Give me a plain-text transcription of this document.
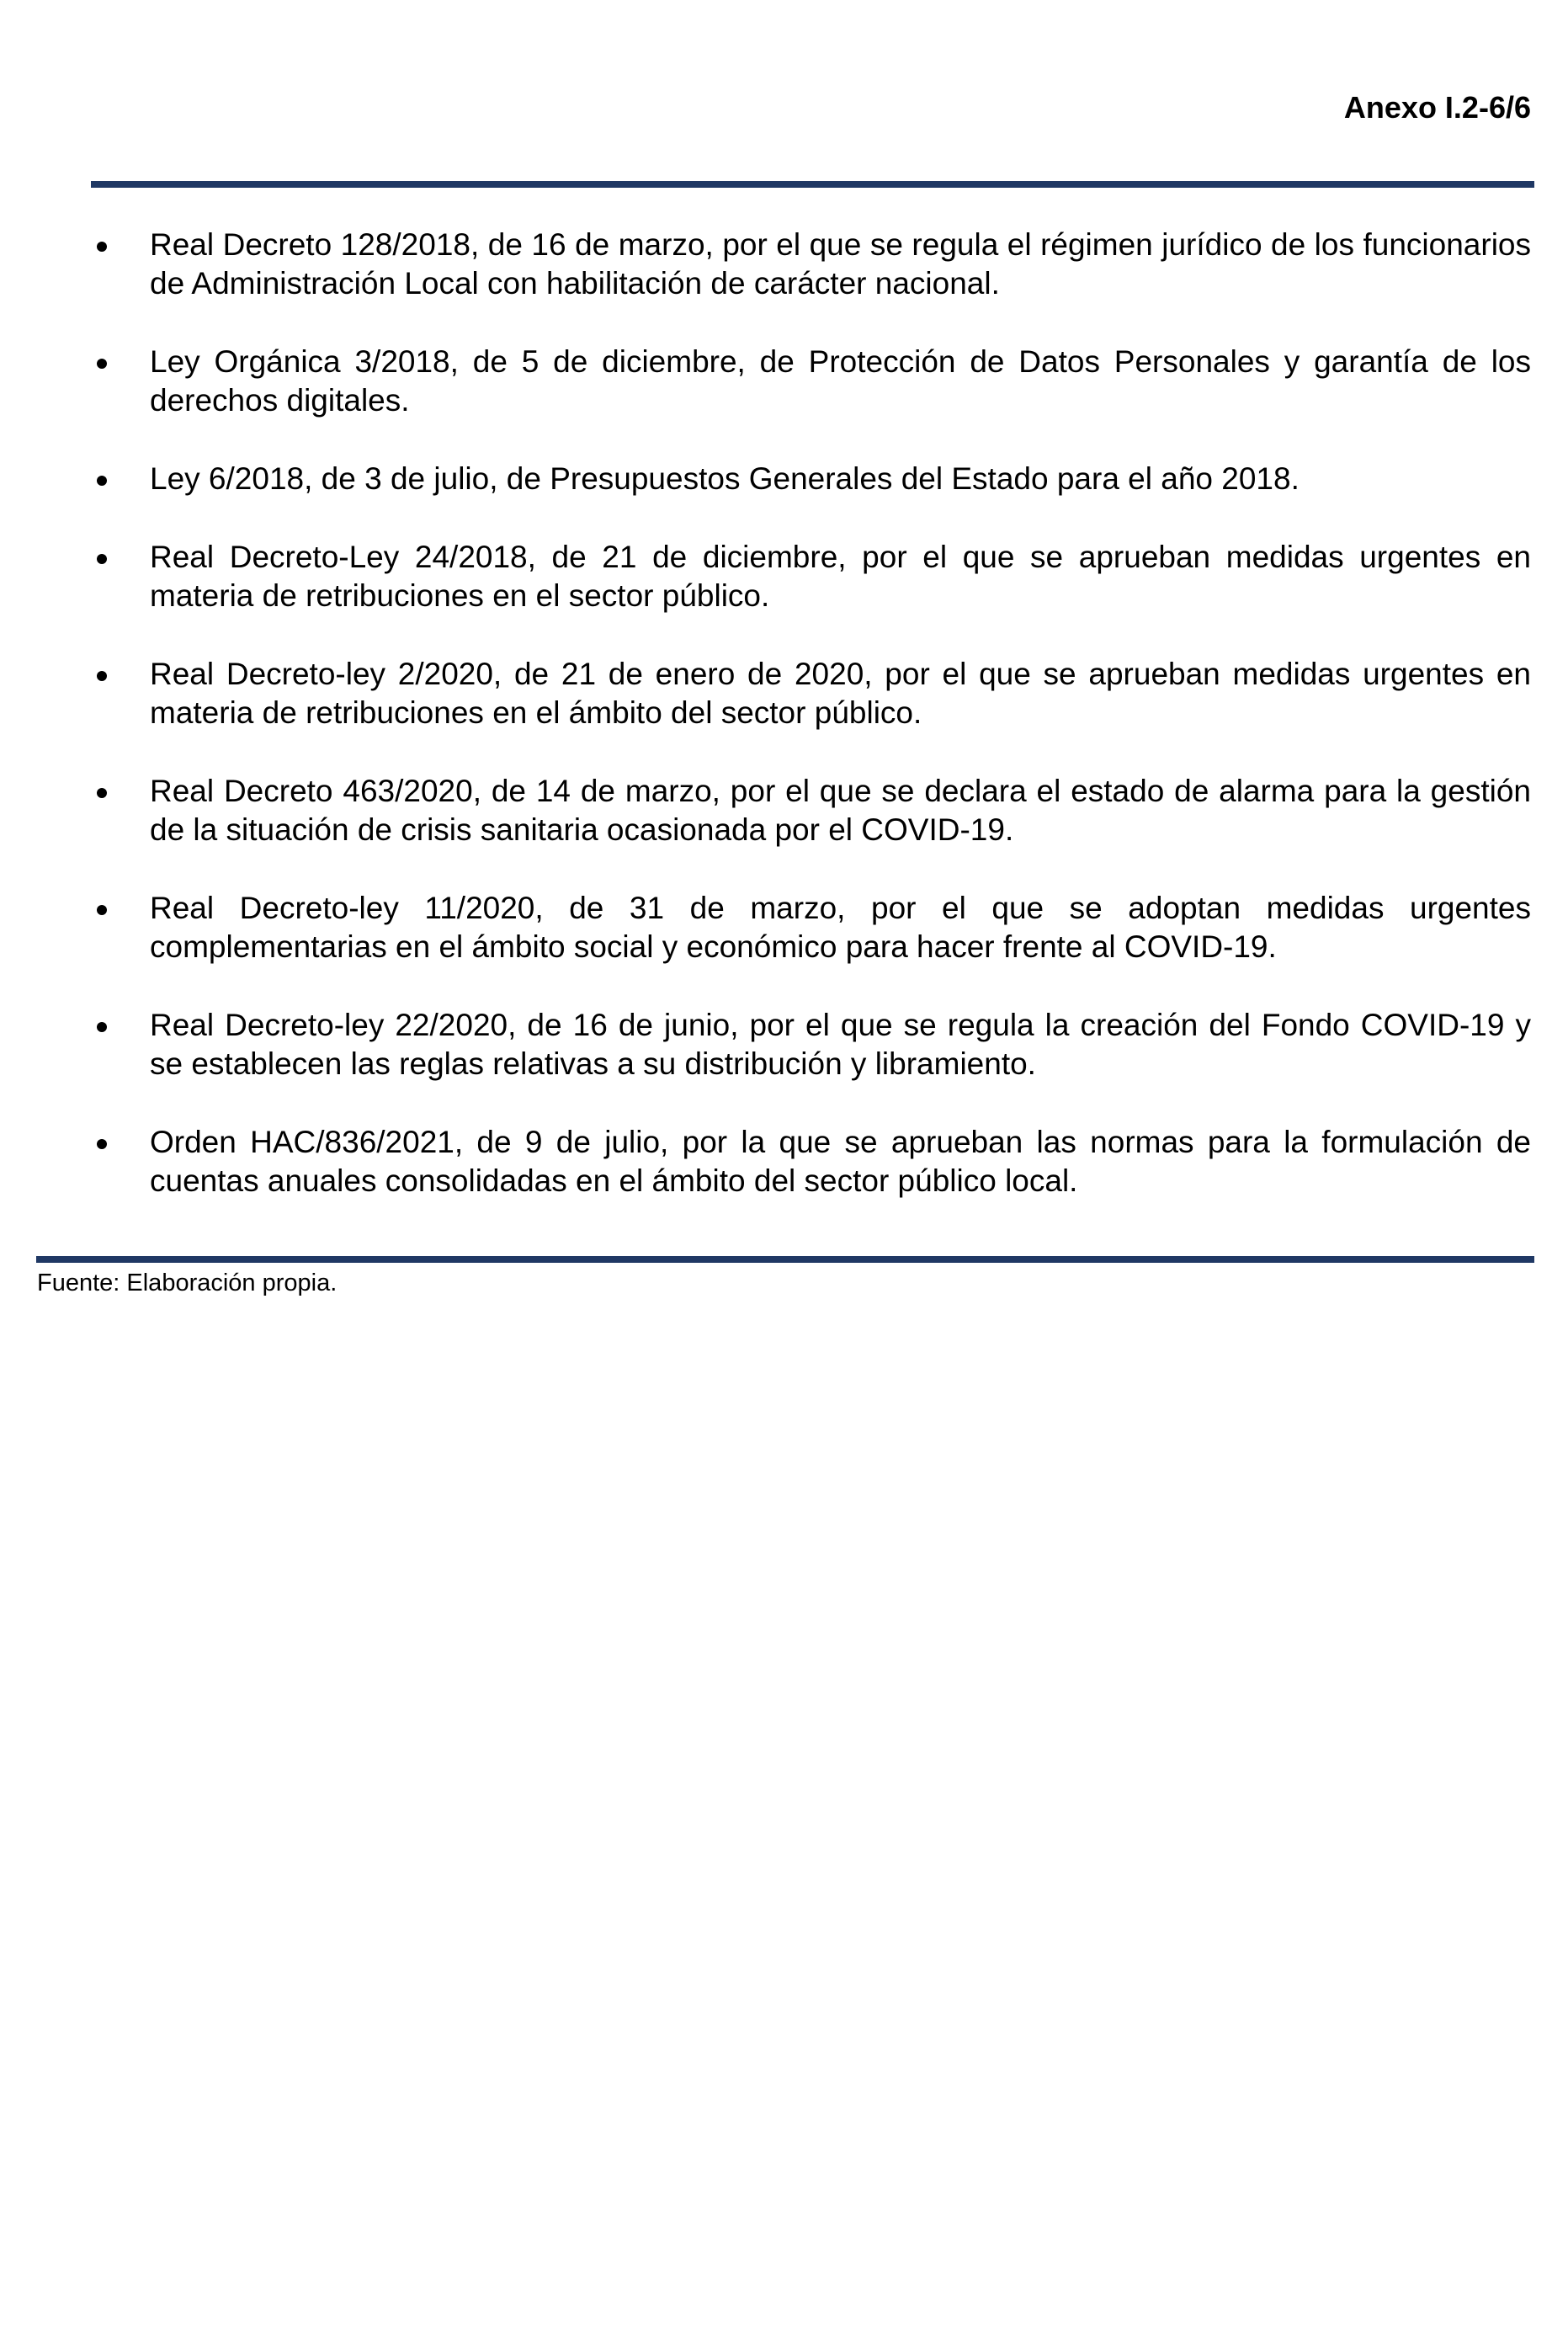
Anexo I.2-6/6
Real Decreto 128/2018, de 16 de marzo, por el que se regula el régimen jurídico de los funcionarios de Administración Local con habilitación de carácter nacional.
Ley Orgánica 3/2018, de 5 de diciembre, de Protección de Datos Personales y garantía de los derechos digitales.
Ley 6/2018, de 3 de julio, de Presupuestos Generales del Estado para el año 2018.
Real Decreto-Ley 24/2018, de 21 de diciembre, por el que se aprueban medidas urgentes en materia de retribuciones en el sector público.
Real Decreto-ley 2/2020, de 21 de enero de 2020, por el que se aprueban medidas urgentes en materia de retribuciones en el ámbito del sector público.
Real Decreto 463/2020, de 14 de marzo, por el que se declara el estado de alarma para la gestión de la situación de crisis sanitaria ocasionada por el COVID-19.
Real Decreto-ley 11/2020, de 31 de marzo, por el que se adoptan medidas urgentes complementarias en el ámbito social y económico para hacer frente al COVID-19.
Real Decreto-ley 22/2020, de 16 de junio, por el que se regula la creación del Fondo COVID-19 y se establecen las reglas relativas a su distribución y libramiento.
Orden HAC/836/2021, de 9 de julio, por la que se aprueban las normas para la formulación de cuentas anuales consolidadas en el ámbito del sector público local.
Fuente: Elaboración propia.
